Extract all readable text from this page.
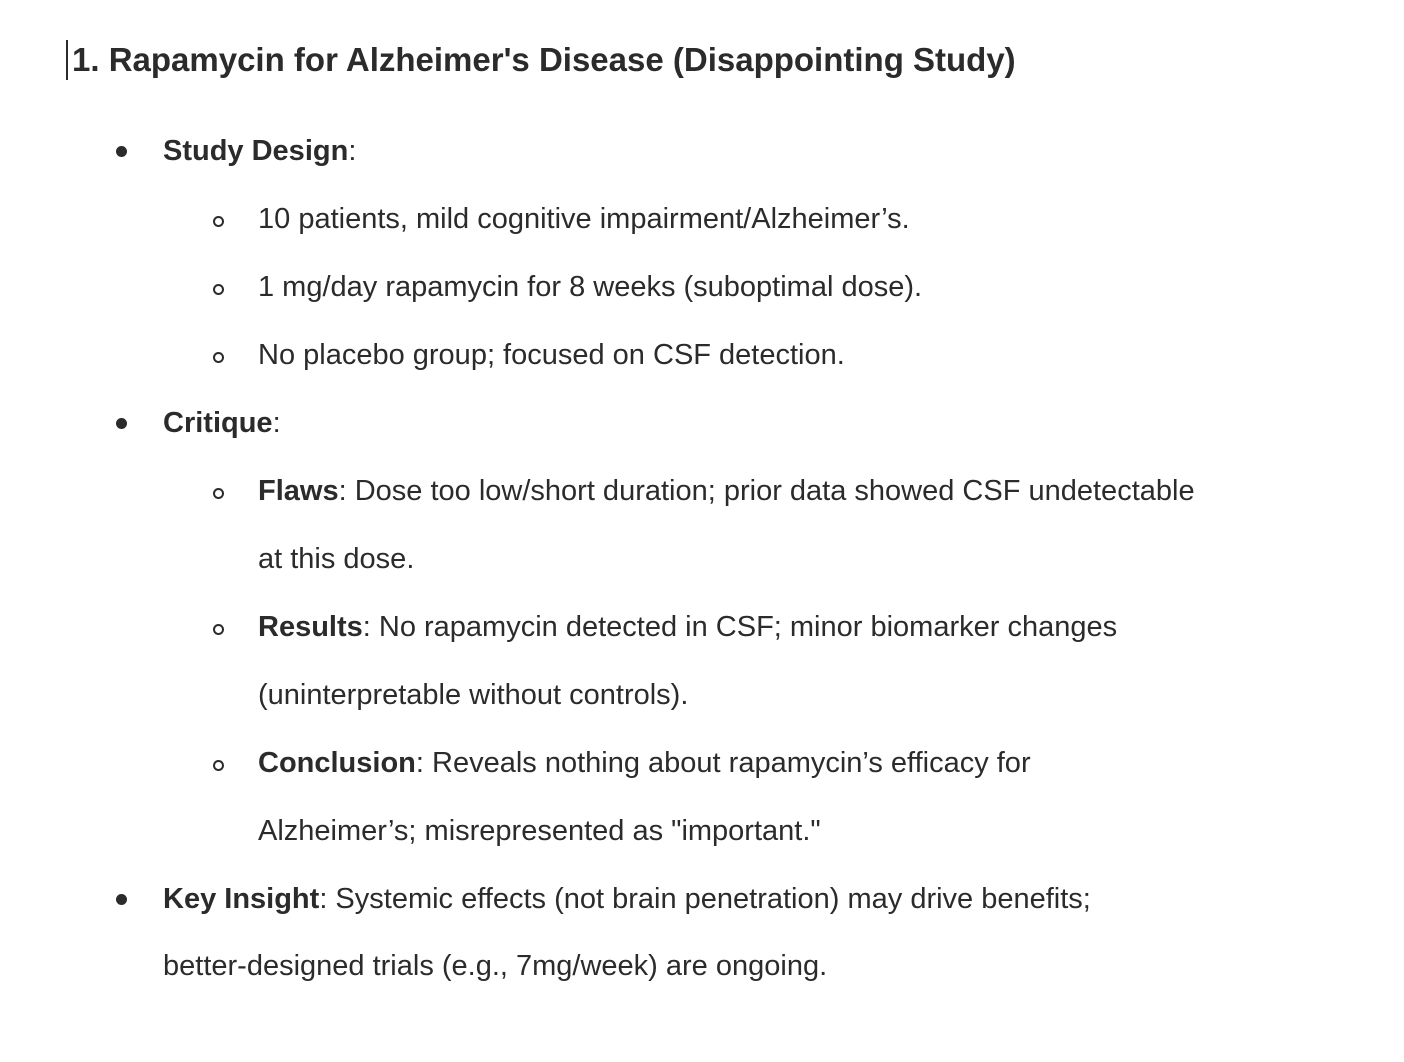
1. Rapamycin for Alzheimer's Disease (Disappointing Study)
Study Design:
10 patients, mild cognitive impairment/Alzheimer’s.
1 mg/day rapamycin for 8 weeks (suboptimal dose).
No placebo group; focused on CSF detection.
Critique:
Flaws: Dose too low/short duration; prior data showed CSF undetectable
at this dose.
Results: No rapamycin detected in CSF; minor biomarker changes
(uninterpretable without controls).
Conclusion: Reveals nothing about rapamycin’s efficacy for
Alzheimer’s; misrepresented as "important."
Key Insight: Systemic effects (not brain penetration) may drive benefits;
better-designed trials (e.g., 7mg/week) are ongoing.
